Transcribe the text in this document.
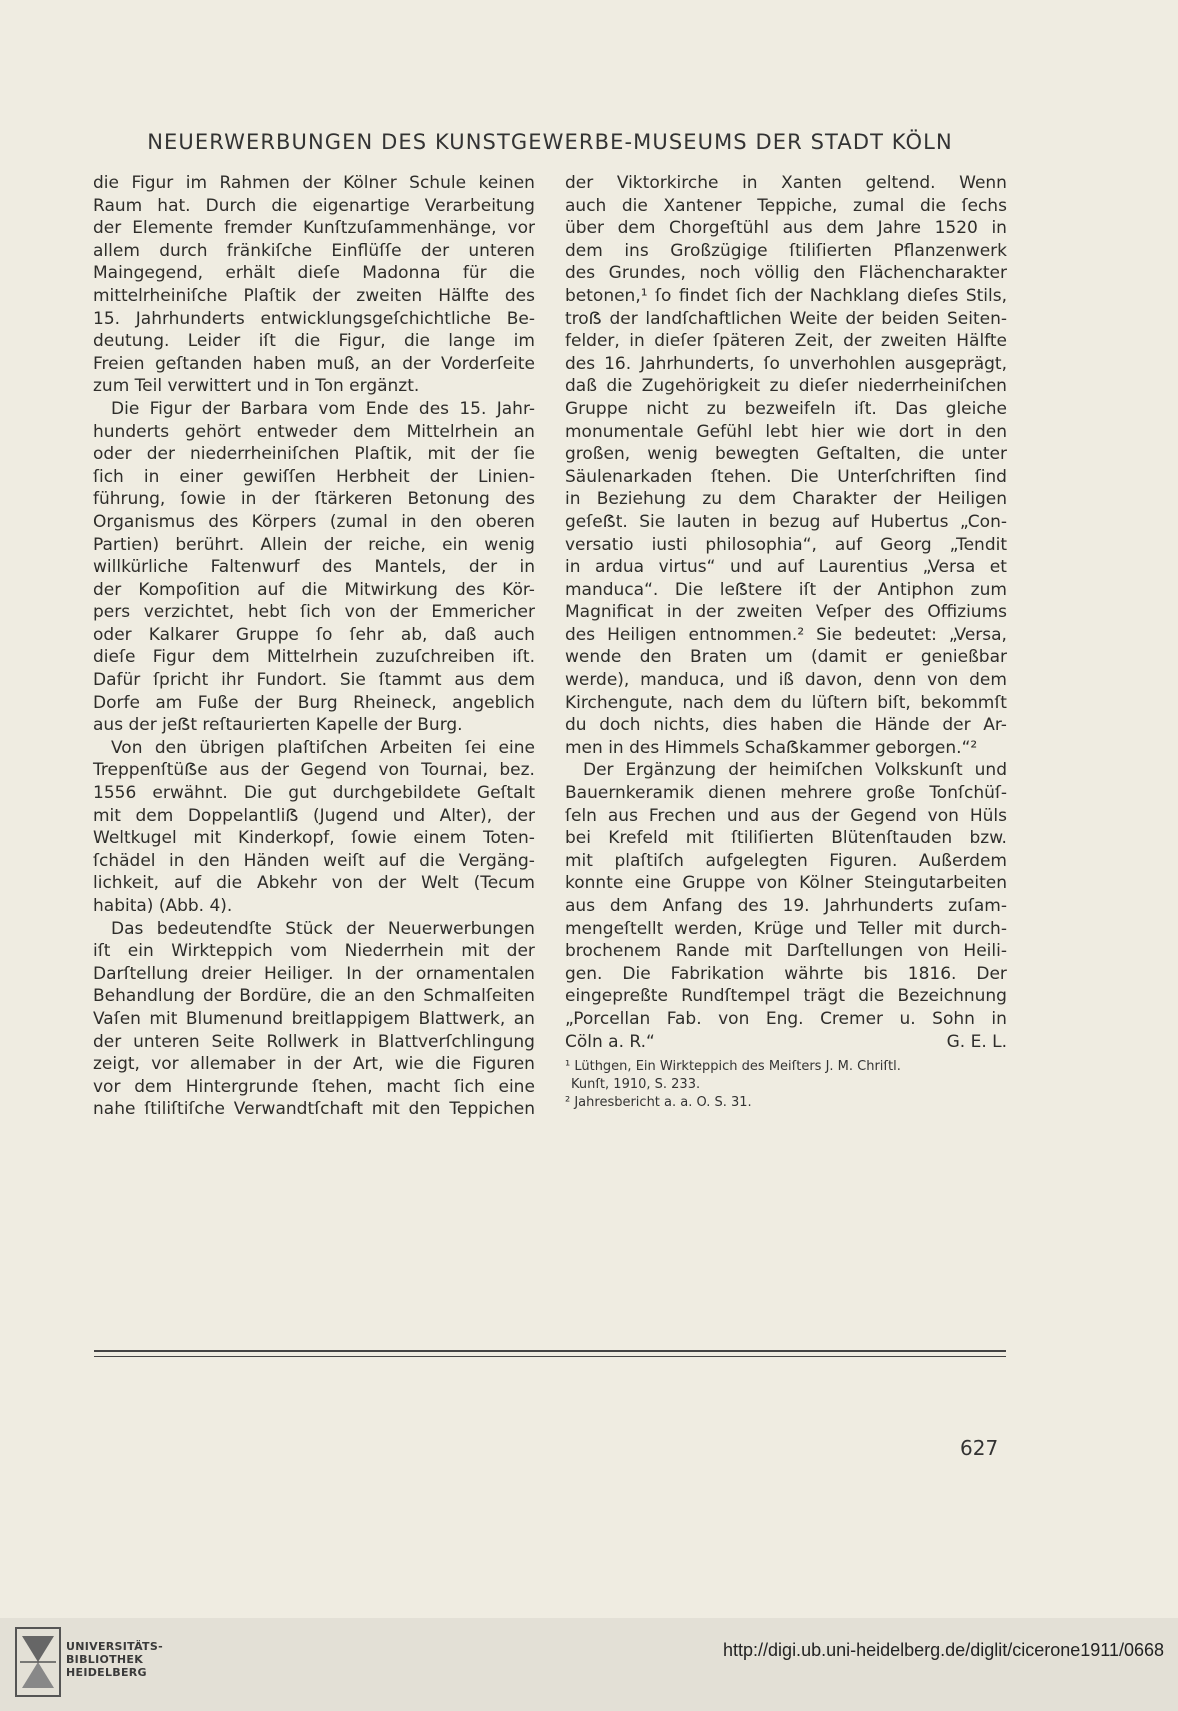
NEUERWERBUNGEN DES KUNSTGEWERBE-MUSEUMS DER STADT KÖLN
die Figur im Rahmen der Kölner Schule keinen
Raum hat. Durch die eigenartige Verarbeitung
der Elemente fremder Kunſtzuſammenhänge, vor
allem durch fränkiſche Einflüſſe der unteren
Maingegend, erhält dieſe Madonna für die
mittelrheiniſche Plaſtik der zweiten Hälfte des
15. Jahrhunderts entwicklungsgeſchichtliche Be-
deutung. Leider iſt die Figur, die lange im
Freien geſtanden haben muß, an der Vorderſeite
zum Teil verwittert und in Ton ergänzt.
Die Figur der Barbara vom Ende des 15. Jahr-
hunderts gehört entweder dem Mittelrhein an
oder der niederrheiniſchen Plaſtik, mit der ſie
ſich in einer gewiſſen Herbheit der Linien-
führung, ſowie in der ſtärkeren Betonung des
Organismus des Körpers (zumal in den oberen
Partien) berührt. Allein der reiche, ein wenig
willkürliche Faltenwurf des Mantels, der in
der Kompoſition auf die Mitwirkung des Kör-
pers verzichtet, hebt ſich von der Emmericher
oder Kalkarer Gruppe ſo ſehr ab, daß auch
dieſe Figur dem Mittelrhein zuzuſchreiben iſt.
Dafür ſpricht ihr Fundort. Sie ſtammt aus dem
Dorfe am Fuße der Burg Rheineck, angeblich
aus der jeẞt reſtaurierten Kapelle der Burg.
Von den übrigen plaſtiſchen Arbeiten ſei eine
Treppenſtüẞe aus der Gegend von Tournai, bez.
1556 erwähnt. Die gut durchgebildete Geſtalt
mit dem Doppelantliẞ (Jugend und Alter), der
Weltkugel mit Kinderkopf, ſowie einem Toten-
ſchädel in den Händen weiſt auf die Vergäng-
lichkeit, auf die Abkehr von der Welt (Tecum
habita) (Abb. 4).
Das bedeutendſte Stück der Neuerwerbungen
iſt ein Wirkteppich vom Niederrhein mit der
Darſtellung dreier Heiliger. In der ornamentalen
Behandlung der Bordüre, die an den Schmalſeiten
Vaſen mit Blumenund breitlappigem Blattwerk, an
der unteren Seite Rollwerk in Blattverſchlingung
zeigt, vor allemaber in der Art, wie die Figuren
vor dem Hintergrunde ſtehen, macht ſich eine
nahe ſtiliſtiſche Verwandtſchaft mit den Teppichen
der Viktorkirche in Xanten geltend. Wenn
auch die Xantener Teppiche, zumal die ſechs
über dem Chorgeſtühl aus dem Jahre 1520 in
dem ins Großzügige ſtiliſierten Pflanzenwerk
des Grundes, noch völlig den Flächencharakter
betonen,¹ ſo findet ſich der Nachklang dieſes Stils,
troẞ der landſchaftlichen Weite der beiden Seiten-
felder, in dieſer ſpäteren Zeit, der zweiten Hälfte
des 16. Jahrhunderts, ſo unverhohlen ausgeprägt,
daß die Zugehörigkeit zu dieſer niederrheiniſchen
Gruppe nicht zu bezweifeln iſt. Das gleiche
monumentale Gefühl lebt hier wie dort in den
großen, wenig bewegten Geſtalten, die unter
Säulenarkaden ſtehen. Die Unterſchriften ſind
in Beziehung zu dem Charakter der Heiligen
geſeẞt. Sie lauten in bezug auf Hubertus „Con-
versatio iusti philosophia“, auf Georg „Tendit
in ardua virtus“ und auf Laurentius „Versa et
manduca“. Die leẞtere iſt der Antiphon zum
Magnificat in der zweiten Veſper des Offiziums
des Heiligen entnommen.² Sie bedeutet: „Versa,
wende den Braten um (damit er genießbar
werde), manduca, und iß davon, denn von dem
Kirchengute, nach dem du lüſtern biſt, bekommſt
du doch nichts, dies haben die Hände der Ar-
men in des Himmels Schaẞkammer geborgen.“²
Der Ergänzung der heimiſchen Volkskunſt und
Bauernkeramik dienen mehrere große Tonſchüſ-
ſeln aus Frechen und aus der Gegend von Hüls
bei Krefeld mit ſtiliſierten Blütenſtauden bzw.
mit plaſtiſch aufgelegten Figuren. Außerdem
konnte eine Gruppe von Kölner Steingutarbeiten
aus dem Anfang des 19. Jahrhunderts zuſam-
mengeſtellt werden, Krüge und Teller mit durch-
brochenem Rande mit Darſtellungen von Heili-
gen. Die Fabrikation währte bis 1816. Der
eingepreßte Rundſtempel trägt die Bezeichnung
„Porcellan Fab. von Eng. Cremer u. Sohn in
Cöln a. R.“	G. E. L.
¹ Lüthgen, Ein Wirkteppich des Meiſters J. M. Chriſtl.
Kunſt, 1910, S. 233.
² Jahresbericht a. a. O. S. 31.
627
UNIVERSITÄTS-
BIBLIOTHEK
HEIDELBERG
http://digi.ub.uni-heidelberg.de/diglit/cicerone1911/0668
